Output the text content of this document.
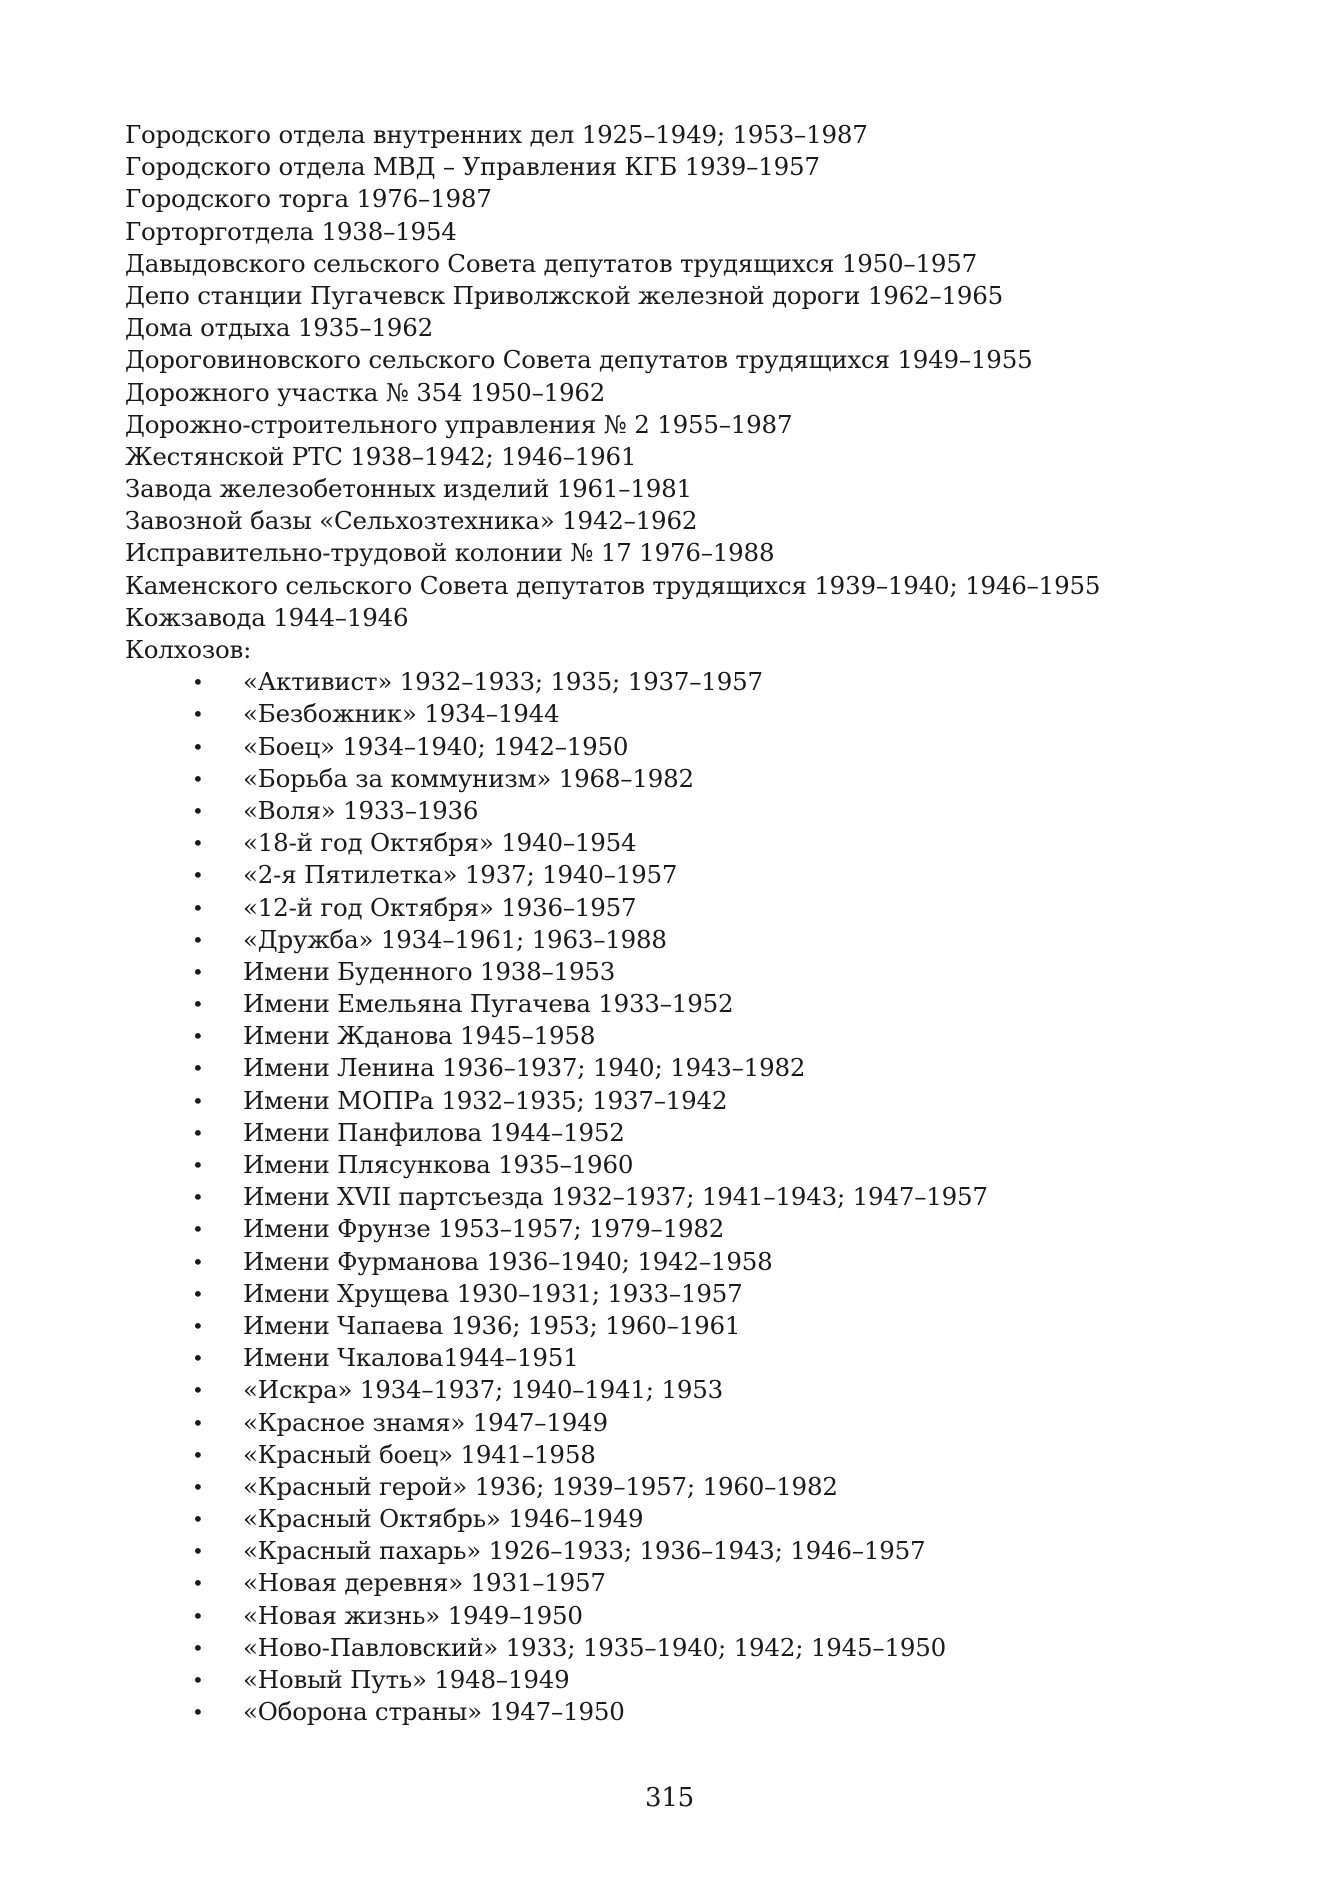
Городского отдела внутренних дел 1925–1949; 1953–1987
Городского отдела МВД – Управления КГБ 1939–1957
Городского торга 1976–1987
Горторготдела 1938–1954
Давыдовского сельского Совета депутатов трудящихся 1950–1957
Депо станции Пугачевск Приволжской железной дороги 1962–1965
Дома отдыха 1935–1962
Дороговиновского сельского Совета депутатов трудящихся 1949–1955
Дорожного участка № 354 1950–1962
Дорожно-строительного управления № 2 1955–1987
Жестянской РТС 1938–1942; 1946–1961
Завода железобетонных изделий 1961–1981
Завозной базы «Сельхозтехника» 1942–1962
Исправительно-трудовой колонии № 17 1976–1988
Каменского сельского Совета депутатов трудящихся 1939–1940; 1946–1955
Кожзавода 1944–1946
Колхозов:
• «Активист» 1932–1933; 1935; 1937–1957
• «Безбожник» 1934–1944
• «Боец» 1934–1940; 1942–1950
• «Борьба за коммунизм» 1968–1982
• «Воля» 1933–1936
• «18-й год Октября» 1940–1954
• «2-я Пятилетка» 1937; 1940–1957
• «12-й год Октября» 1936–1957
• «Дружба» 1934–1961; 1963–1988
• Имени Буденного 1938–1953
• Имени Емельяна Пугачева 1933–1952
• Имени Жданова 1945–1958
• Имени Ленина 1936–1937; 1940; 1943–1982
• Имени МОПРа 1932–1935; 1937–1942
• Имени Панфилова 1944–1952
• Имени Плясункова 1935–1960
• Имени XVII партсъезда 1932–1937; 1941–1943; 1947–1957
• Имени Фрунзе 1953–1957; 1979–1982
• Имени Фурманова 1936–1940; 1942–1958
• Имени Хрущева 1930–1931; 1933–1957
• Имени Чапаева 1936; 1953; 1960–1961
• Имени Чкалова1944–1951
• «Искра» 1934–1937; 1940–1941; 1953
• «Красное знамя» 1947–1949
• «Красный боец» 1941–1958
• «Красный герой» 1936; 1939–1957; 1960–1982
• «Красный Октябрь» 1946–1949
• «Красный пахарь» 1926–1933; 1936–1943; 1946–1957
• «Новая деревня» 1931–1957
• «Новая жизнь» 1949–1950
• «Ново-Павловский» 1933; 1935–1940; 1942; 1945–1950
• «Новый Путь» 1948–1949
• «Оборона страны» 1947–1950
315
